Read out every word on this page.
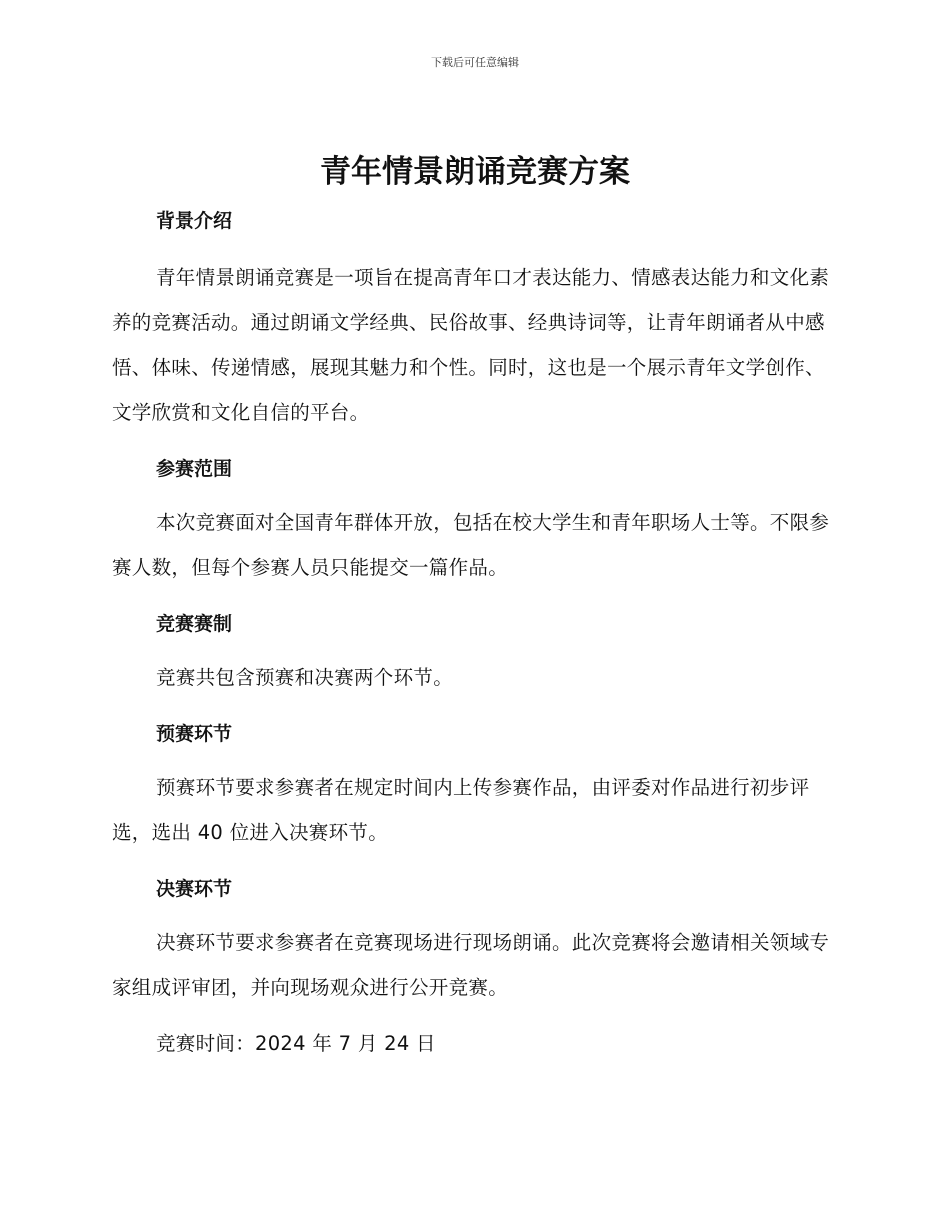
下载后可任意编辑
青年情景朗诵竞赛方案
背景介绍

青年情景朗诵竞赛是一项旨在提高青年口才表达能力、情感表达能力和文化素养的竞赛活动。通过朗诵文学经典、民俗故事、经典诗词等，让青年朗诵者从中感悟、体味、传递情感，展现其魅力和个性。同时，这也是一个展示青年文学创作、文学欣赏和文化自信的平台。

参赛范围

本次竞赛面对全国青年群体开放，包括在校大学生和青年职场人士等。不限参赛人数，但每个参赛人员只能提交一篇作品。

竞赛赛制

竞赛共包含预赛和决赛两个环节。

预赛环节

预赛环节要求参赛者在规定时间内上传参赛作品，由评委对作品进行初步评选，选出 40 位进入决赛环节。

决赛环节

决赛环节要求参赛者在竞赛现场进行现场朗诵。此次竞赛将会邀请相关领域专家组成评审团，并向现场观众进行公开竞赛。

竞赛时间：2024 年 7 月 24 日
